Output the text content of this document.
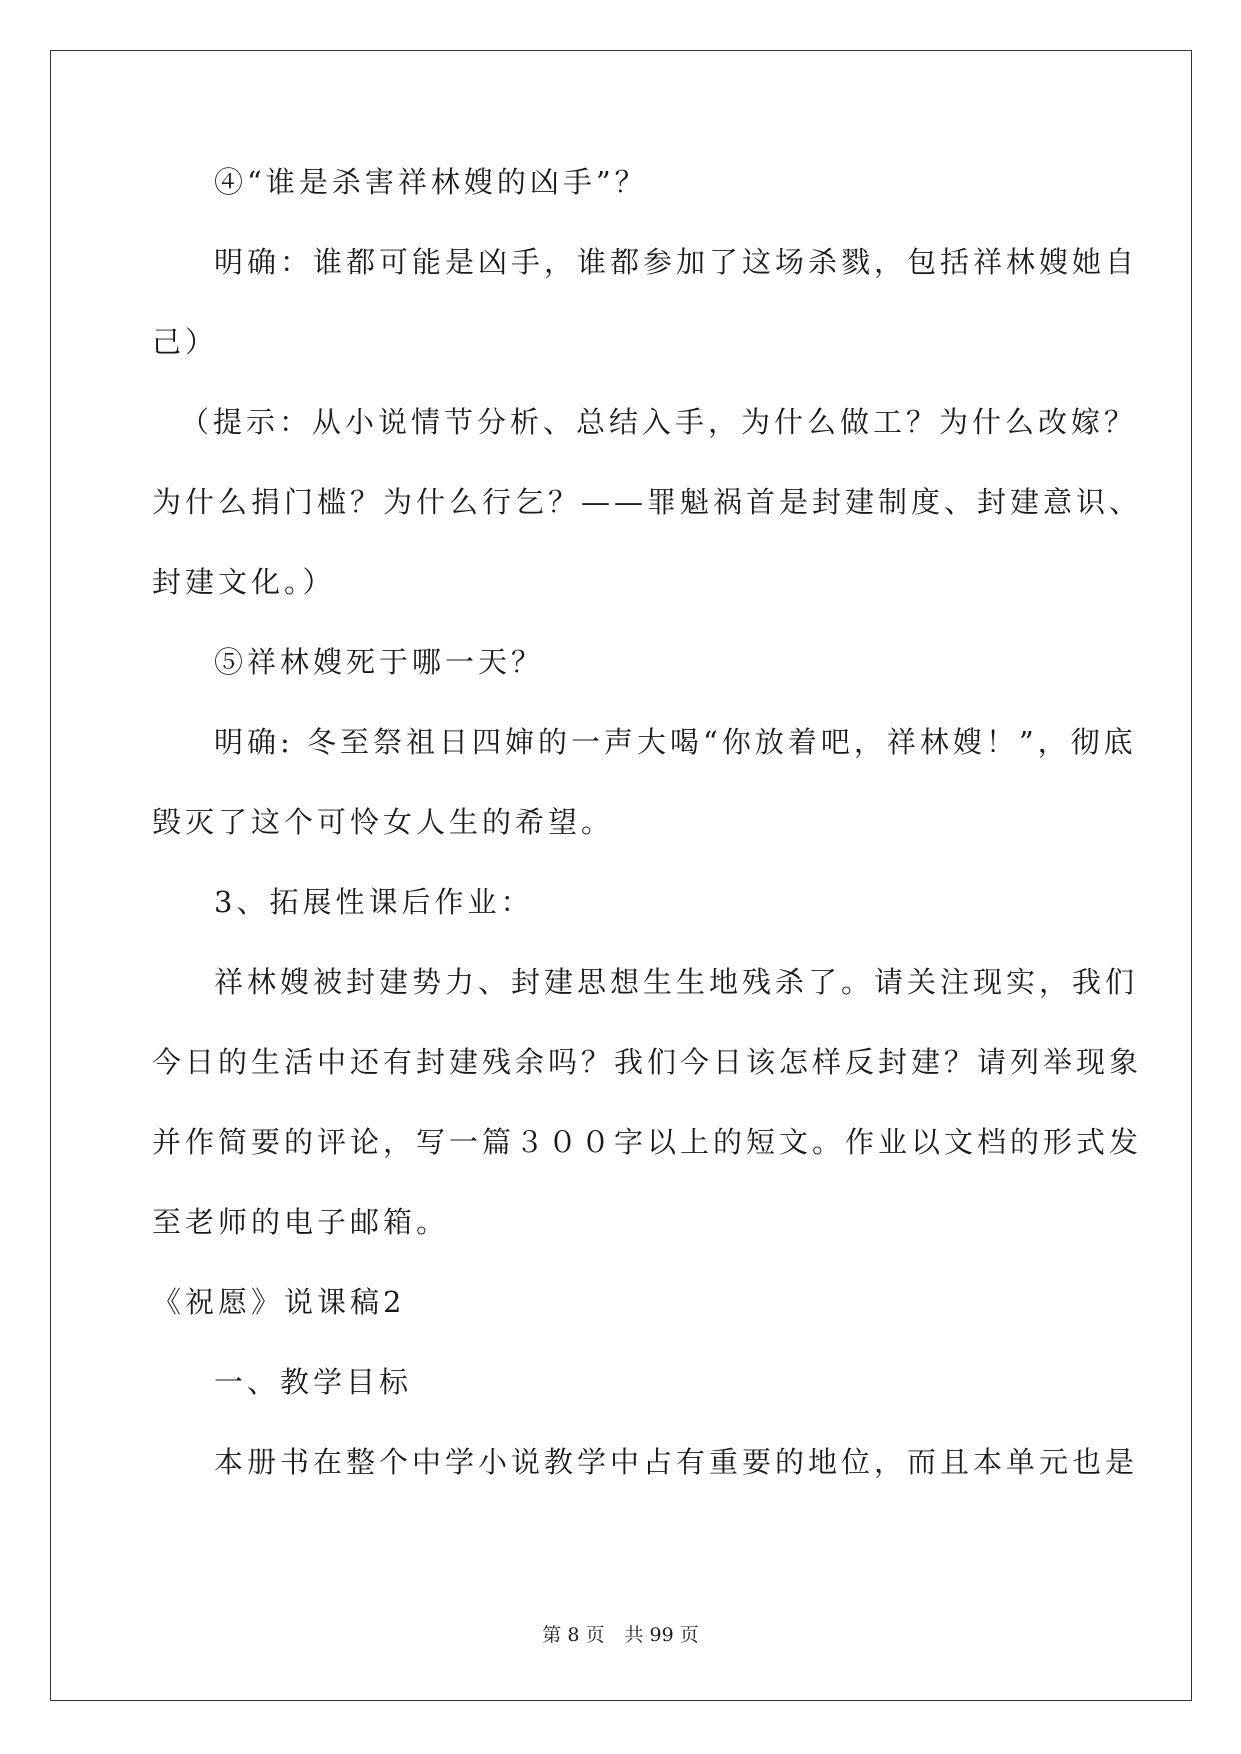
④“谁是杀害祥林嫂的凶手”？
明确：谁都可能是凶手，谁都参加了这场杀戮，包括祥林嫂她自
己）
（提示：从小说情节分析、总结入手，为什么做工？为什么改嫁？
为什么捐门槛？为什么行乞？——罪魁祸首是封建制度、封建意识、
封建文化。）
⑤祥林嫂死于哪一天？
明确: 冬至祭祖日四婶的一声大喝“你放着吧，祥林嫂！”，彻底
毁灭了这个可怜女人生的希望。
3、拓展性课后作业：
祥林嫂被封建势力、封建思想生生地残杀了。请关注现实，我们
今日的生活中还有封建残余吗？我们今日该怎样反封建？请列举现象
并作简要的评论，写一篇３００字以上的短文。作业以文档的形式发
至老师的电子邮箱。
《祝愿》说课稿2
一、教学目标
本册书在整个中学小说教学中占有重要的地位，而且本单元也是
第 8 页 共 99 页
